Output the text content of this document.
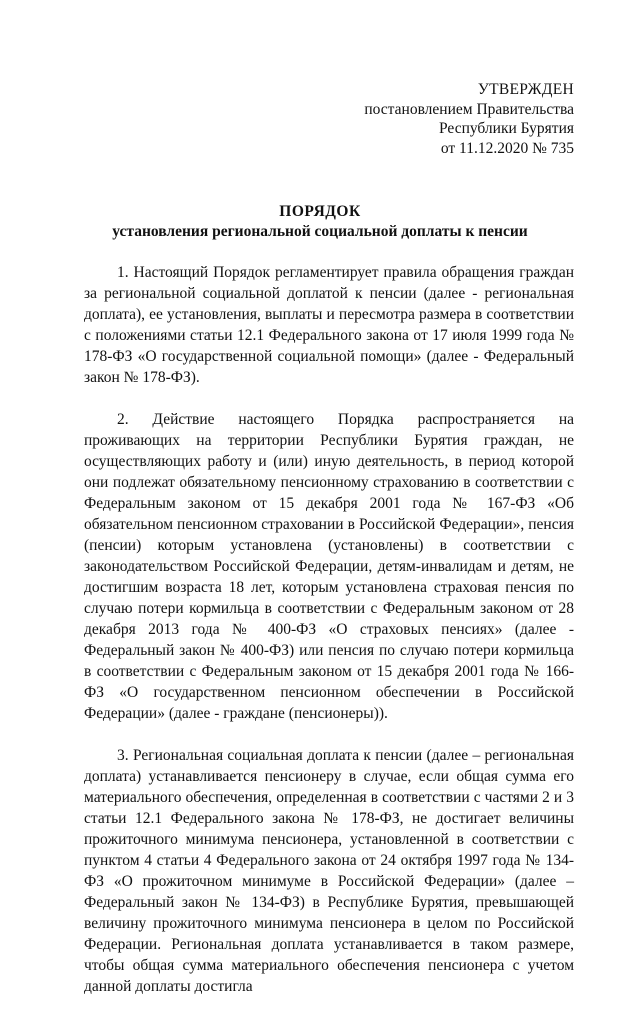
УТВЕРЖДЕН
постановлением Правительства
Республики Бурятия
от 11.12.2020 № 735
ПОРЯДОК
установления региональной социальной доплаты к пенсии

1. Настоящий Порядок регламентирует правила обращения граждан за региональной социальной доплатой к пенсии (далее - региональная доплата), ее установления, выплаты и пересмотра размера в соответствии с положениями статьи 12.1 Федерального закона от 17 июля 1999 года № 178-ФЗ «О государственной социальной помощи» (далее - Федеральный закон № 178-ФЗ).

2. Действие настоящего Порядка распространяется на проживающих на территории Республики Бурятия граждан, не осуществляющих работу и (или) иную деятельность, в период которой они подлежат обязательному пенсионному страхованию в соответствии с Федеральным законом от 15 декабря 2001 года № 167-ФЗ «Об обязательном пенсионном страховании в Российской Федерации», пенсия (пенсии) которым установлена (установлены) в соответствии с законодательством Российской Федерации, детям-инвалидам и детям, не достигшим возраста 18 лет, которым установлена страховая пенсия по случаю потери кормильца в соответствии с Федеральным законом от 28 декабря 2013 года № 400-ФЗ «О страховых пенсиях» (далее - Федеральный закон № 400-ФЗ) или пенсия по случаю потери кормильца в соответствии с Федеральным законом от 15 декабря 2001 года № 166-ФЗ «О государственном пенсионном обеспечении в Российской Федерации» (далее - граждане (пенсионеры)).

3. Региональная социальная доплата к пенсии (далее – региональная доплата) устанавливается пенсионеру в случае, если общая сумма его материального обеспечения, определенная в соответствии с частями 2 и 3 статьи 12.1 Федерального закона № 178-ФЗ, не достигает величины прожиточного минимума пенсионера, установленной в соответствии с пунктом 4 статьи 4 Федерального закона от 24 октября 1997 года № 134-ФЗ «О прожиточном минимуме в Российской Федерации» (далее – Федеральный закон № 134-ФЗ) в Республике Бурятия, превышающей величину прожиточного минимума пенсионера в целом по Российской Федерации. Региональная доплата устанавливается в таком размере, чтобы общая сумма материального обеспечения пенсионера с учетом данной доплаты достигла
